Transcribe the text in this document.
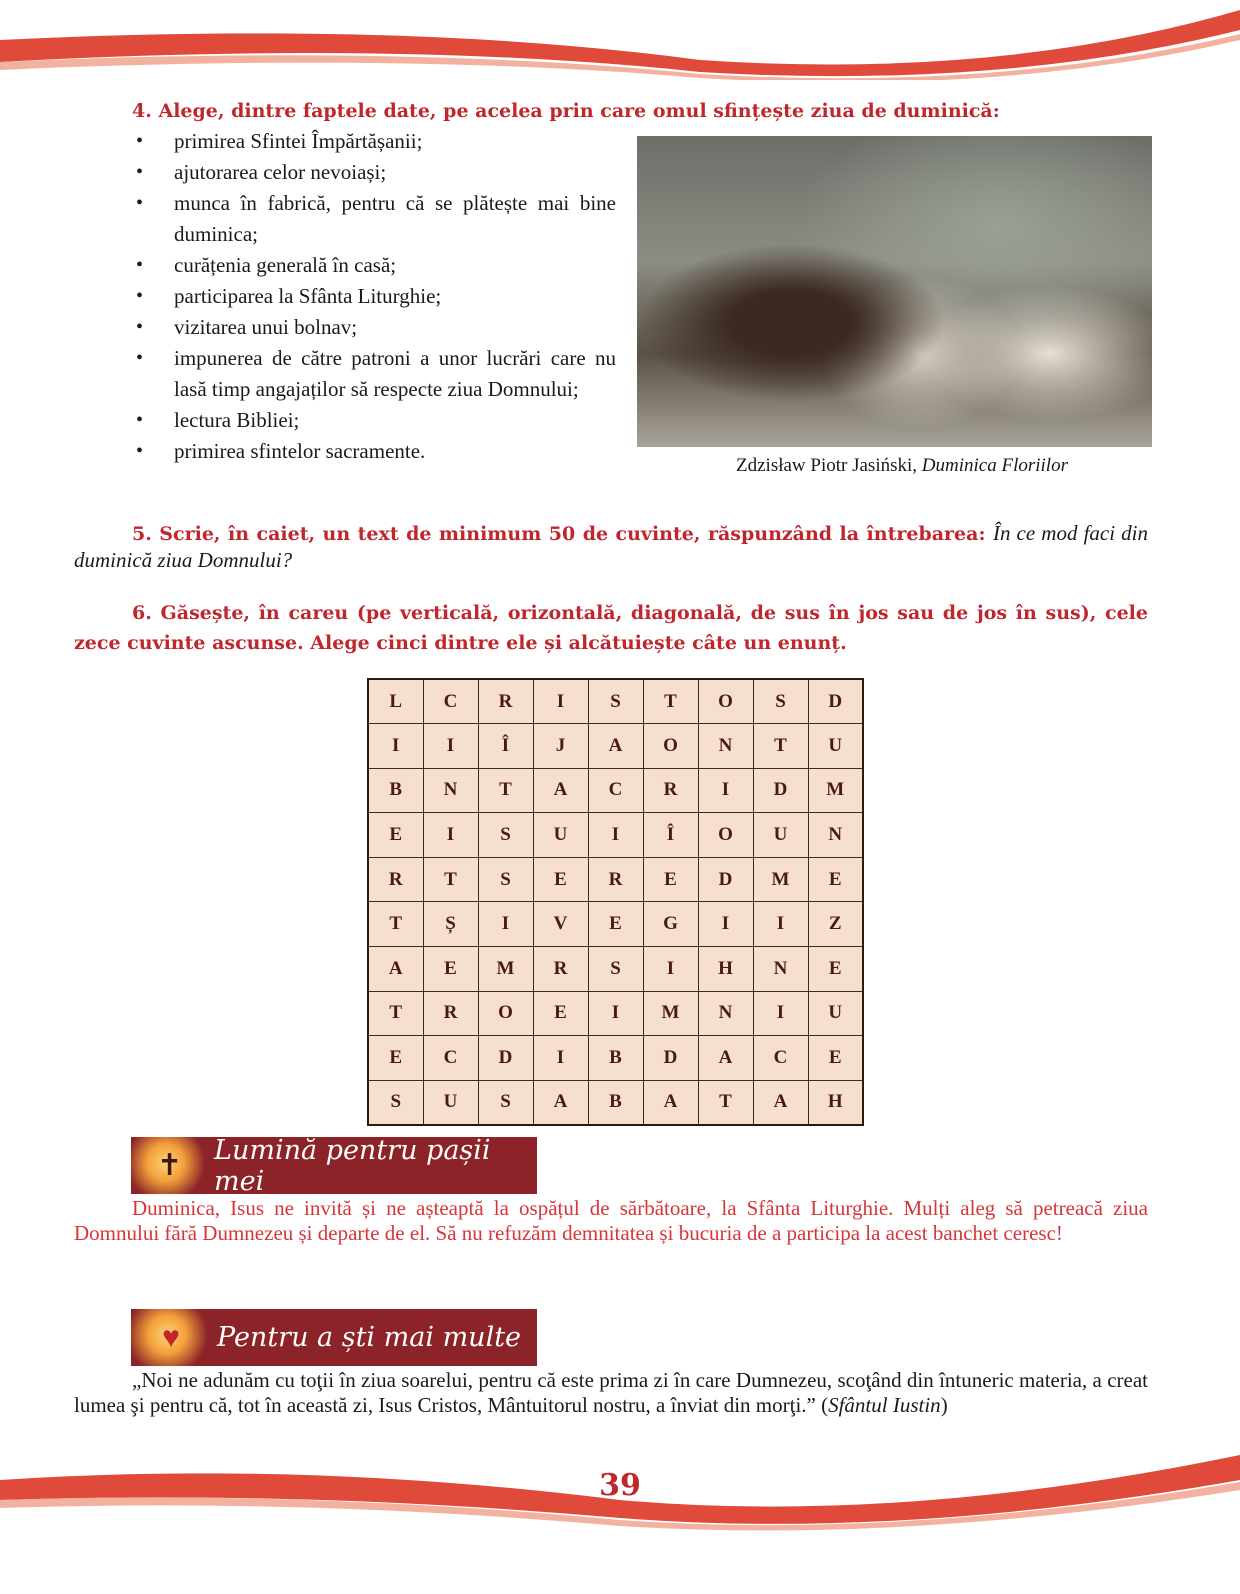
4. Alege, dintre faptele date, pe acelea prin care omul sfințește ziua de duminică:
• primirea Sfintei Împărtășanii;
• ajutorarea celor nevoiași;
• munca în fabrică, pentru că se plătește mai bine duminica;
• curățenia generală în casă;
• participarea la Sfânta Liturghie;
• vizitarea unui bolnav;
• impunerea de către patroni a unor lucrări care nu lasă timp angajaților să respecte ziua Domnului;
• lectura Bibliei;
• primirea sfintelor sacramente.
Zdzisław Piotr Jasiński, Duminica Floriilor
5. Scrie, în caiet, un text de minimum 50 de cuvinte, răspunzând la întrebarea: În ce mod faci din duminică ziua Domnului?
6. Găsește, în careu (pe verticală, orizontală, diagonală, de sus în jos sau de jos în sus), cele zece cuvinte ascunse. Alege cinci dintre ele și alcătuiește câte un enunț.
L	C	R	I	S	T	O	S	D
I	I	Î	J	A	O	N	T	U
B	N	T	A	C	R	I	D	M
E	I	S	U	I	Î	O	U	N
R	T	S	E	R	E	D	M	E
T	Ș	I	V	E	G	I	I	Z
A	E	M	R	S	I	H	N	E
T	R	O	E	I	M	N	I	U
E	C	D	I	B	D	A	C	E
S	U	S	A	B	A	T	A	H
✝	Lumină pentru pașii mei
Duminica, Isus ne invită și ne așteaptă la ospățul de sărbătoare, la Sfânta Liturghie. Mulți aleg să petreacă ziua Domnului fără Dumnezeu și departe de el. Să nu refuzăm demnitatea și bucuria de a participa la acest banchet ceresc!
♥	Pentru a ști mai multe
„Noi ne adunăm cu toţii în ziua soarelui, pentru că este prima zi în care Dumnezeu, scoţând din întuneric materia, a creat lumea şi pentru că, tot în această zi, Isus Cristos, Mântuitorul nostru, a înviat din morţi.” (Sfântul Iustin)
39
